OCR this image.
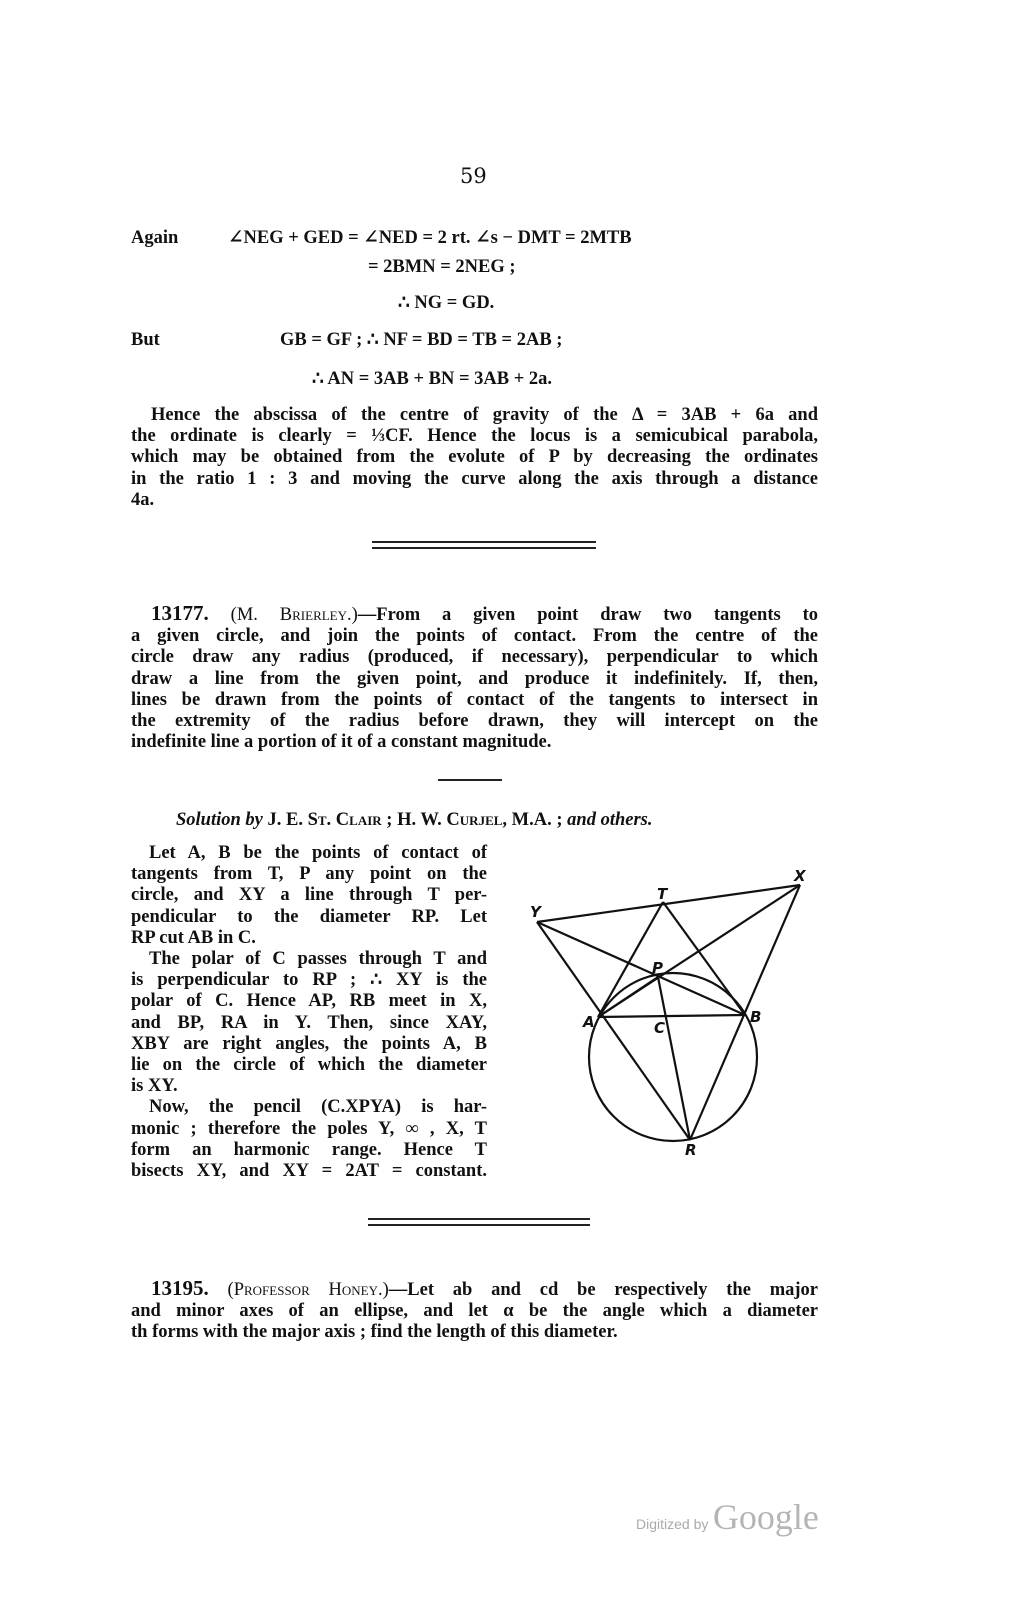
59
Again	∠NEG + GED = ∠NED = 2 rt. ∠s − DMT = 2MTB
= 2BMN = 2NEG ;
∴ NG = GD.
But	GB = GF ; ∴ NF = BD = TB = 2AB ;
∴ AN = 3AB + BN = 3AB + 2a.
Hence the abscissa of the centre of gravity of the Δ = 3AB + 6a and
the ordinate is clearly = ⅓CF. Hence the locus is a semicubical parabola,
which may be obtained from the evolute of P by decreasing the ordinates
in the ratio 1 : 3 and moving the curve along the axis through a distance
4a.
13177. (M. Brierley.)—From a given point draw two tangents to
a given circle, and join the points of contact. From the centre of the
circle draw any radius (produced, if necessary), perpendicular to which
draw a line from the given point, and produce it indefinitely. If, then,
lines be drawn from the points of contact of the tangents to intersect in
the extremity of the radius before drawn, they will intercept on the
indefinite line a portion of it of a constant magnitude.
Solution by J. E. St. Clair ; H. W. Curjel, M.A. ; and others.
Let A, B be the points of contact of
tangents from T, P any point on the
circle, and XY a line through T per-
pendicular to the diameter RP. Let
RP cut AB in C.
The polar of C passes through T and
is perpendicular to RP ; ∴ XY is the
polar of C. Hence AP, RB meet in X,
and BP, RA in Y. Then, since XAY,
XBY are right angles, the points A, B
lie on the circle of which the diameter
is XY.
Now, the pencil (C.XPYA) is har-
monic ; therefore the poles Y, ∞ , X, T
form an harmonic range. Hence T
bisects XY, and XY = 2AT = constant.
X
Y
T
P
A	B
C
R
13195. (Professor Honey.)—Let ab and cd be respectively the major
and minor axes of an ellipse, and let α be the angle which a diameter
th forms with the major axis ; find the length of this diameter.
Digitized by Google
